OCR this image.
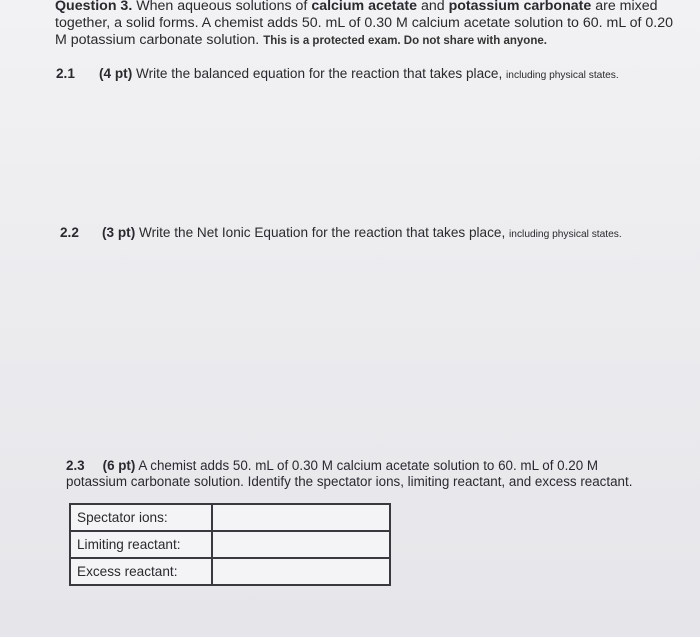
Question 3. When aqueous solutions of calcium acetate and potassium carbonate are mixed together, a solid forms. A chemist adds 50. mL of 0.30 M calcium acetate solution to 60. mL of 0.20 M potassium carbonate solution. This is a protected exam. Do not share with anyone.
2.1 (4 pt) Write the balanced equation for the reaction that takes place, including physical states.
2.2 (3 pt) Write the Net Ionic Equation for the reaction that takes place, including physical states.
2.3 (6 pt) A chemist adds 50. mL of 0.30 M calcium acetate solution to 60. mL of 0.20 M potassium carbonate solution. Identify the spectator ions, limiting reactant, and excess reactant.
Spectator ions:	
Limiting reactant:	
Excess reactant:	
